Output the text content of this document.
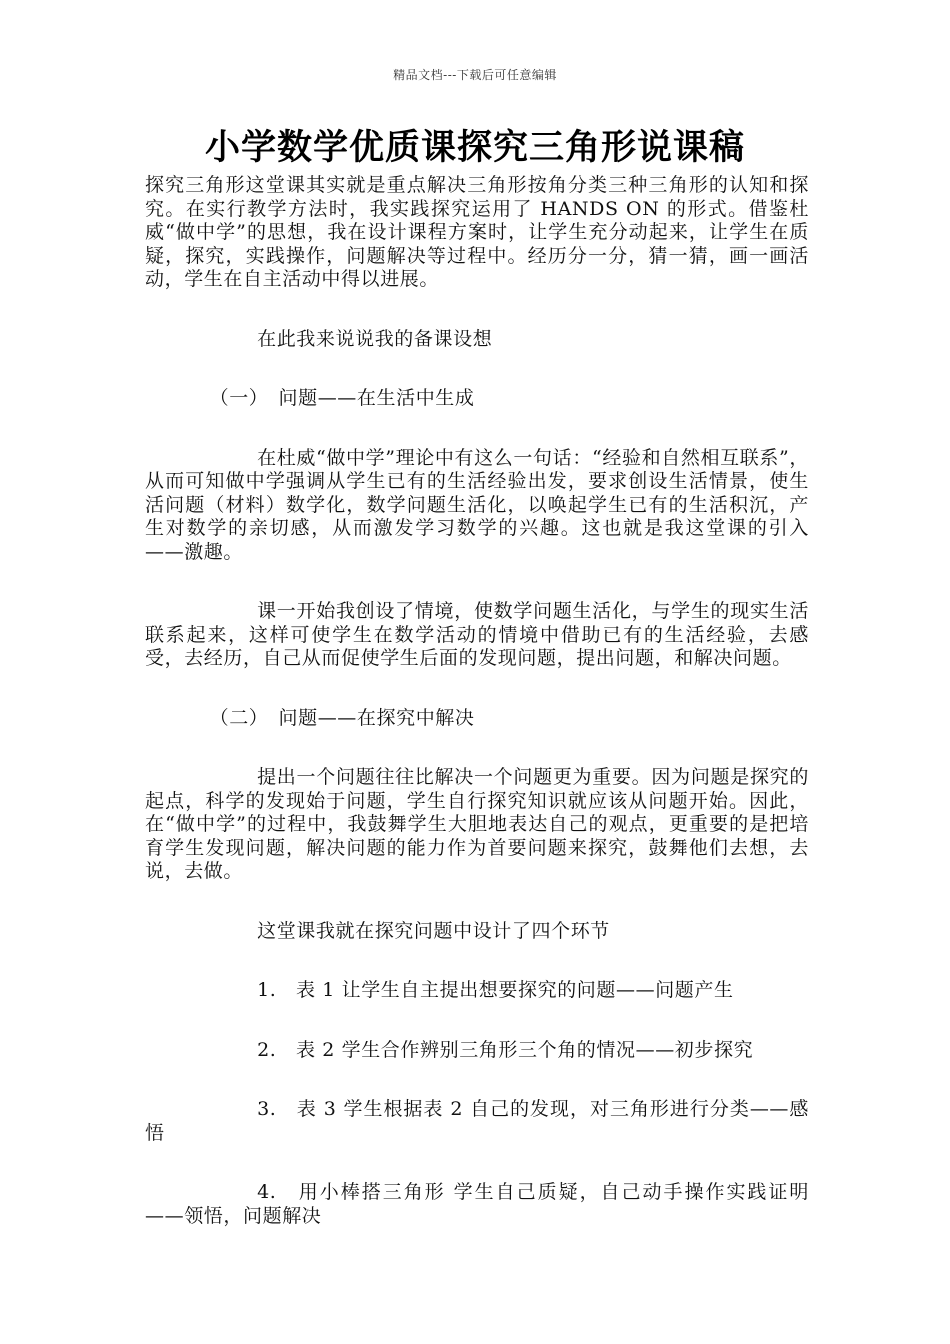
精品文档---下载后可任意编辑
小学数学优质课探究三角形说课稿

探究三角形这堂课其实就是重点解决三角形按角分类三种三角形的认知和探究。在实行教学方法时，我实践探究运用了 HANDS ON 的形式。借鉴杜威“做中学”的思想，我在设计课程方案时，让学生充分动起来，让学生在质疑，探究，实践操作，问题解决等过程中。经历分一分，猜一猜，画一画活动，学生在自主活动中得以进展。

在此我来说说我的备课设想

（一）　问题——在生活中生成

在杜威“做中学”理论中有这么一句话：“经验和自然相互联系”，从而可知做中学强调从学生已有的生活经验出发，要求创设生活情景，使生活问题（材料）数学化，数学问题生活化，以唤起学生已有的生活积沉，产生对数学的亲切感，从而激发学习数学的兴趣。这也就是我这堂课的引入——激趣。

课一开始我创设了情境，使数学问题生活化，与学生的现实生活联系起来，这样可使学生在数学活动的情境中借助已有的生活经验，去感受，去经历，自己从而促使学生后面的发现问题，提出问题，和解决问题。

（二）　问题——在探究中解决

提出一个问题往往比解决一个问题更为重要。因为问题是探究的起点，科学的发现始于问题，学生自行探究知识就应该从问题开始。因此，在“做中学”的过程中，我鼓舞学生大胆地表达自己的观点，更重要的是把培育学生发现问题，解决问题的能力作为首要问题来探究，鼓舞他们去想，去说，去做。

这堂课我就在探究问题中设计了四个环节

1.　表 1 让学生自主提出想要探究的问题——问题产生

2.　表 2 学生合作辨别三角形三个角的情况——初步探究

3.　表 3 学生根据表 2 自己的发现，对三角形进行分类——感悟

4.　用小棒搭三角形 学生自己质疑，自己动手操作实践证明——领悟，问题解决
